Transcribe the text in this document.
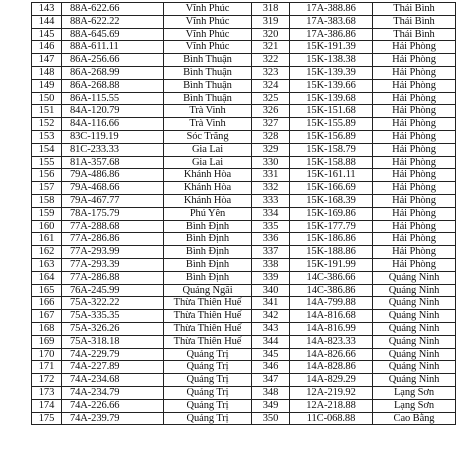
143	88A-622.66	Vĩnh Phúc	318	17A-388.86	Thái Bình
144	88A-622.22	Vĩnh Phúc	319	17A-383.68	Thái Bình
145	88A-645.69	Vĩnh Phúc	320	17A-386.86	Thái Bình
146	88A-611.11	Vĩnh Phúc	321	15K-191.39	Hải Phòng
147	86A-256.66	Bình Thuận	322	15K-138.38	Hải Phòng
148	86A-268.99	Bình Thuận	323	15K-139.39	Hải Phòng
149	86A-268.88	Bình Thuận	324	15K-139.66	Hải Phòng
150	86A-115.55	Bình Thuận	325	15K-139.68	Hải Phòng
151	84A-120.79	Trà Vinh	326	15K-151.68	Hải Phòng
152	84A-116.66	Trà Vinh	327	15K-155.89	Hải Phòng
153	83C-119.19	Sóc Trăng	328	15K-156.89	Hải Phòng
154	81C-233.33	Gia Lai	329	15K-158.79	Hải Phòng
155	81A-357.68	Gia Lai	330	15K-158.88	Hải Phòng
156	79A-486.86	Khánh Hòa	331	15K-161.11	Hải Phòng
157	79A-468.66	Khánh Hòa	332	15K-166.69	Hải Phòng
158	79A-467.77	Khánh Hòa	333	15K-168.39	Hải Phòng
159	78A-175.79	Phú Yên	334	15K-169.86	Hải Phòng
160	77A-288.68	Bình Định	335	15K-177.79	Hải Phòng
161	77A-286.86	Bình Định	336	15K-186.86	Hải Phòng
162	77A-293.99	Bình Định	337	15K-188.86	Hải Phòng
163	77A-293.39	Bình Định	338	15K-191.99	Hải Phòng
164	77A-286.88	Bình Định	339	14C-386.66	Quảng Ninh
165	76A-245.99	Quảng Ngãi	340	14C-386.86	Quảng Ninh
166	75A-322.22	Thừa Thiên Huế	341	14A-799.88	Quảng Ninh
167	75A-335.35	Thừa Thiên Huế	342	14A-816.68	Quảng Ninh
168	75A-326.26	Thừa Thiên Huế	343	14A-816.99	Quảng Ninh
169	75A-318.18	Thừa Thiên Huế	344	14A-823.33	Quảng Ninh
170	74A-229.79	Quảng Trị	345	14A-826.66	Quảng Ninh
171	74A-227.89	Quảng Trị	346	14A-828.86	Quảng Ninh
172	74A-234.68	Quảng Trị	347	14A-829.29	Quảng Ninh
173	74A-234.79	Quảng Trị	348	12A-219.92	Lạng Sơn
174	74A-226.66	Quảng Trị	349	12A-218.88	Lạng Sơn
175	74A-239.79	Quảng Trị	350	11C-068.88	Cao Bằng
